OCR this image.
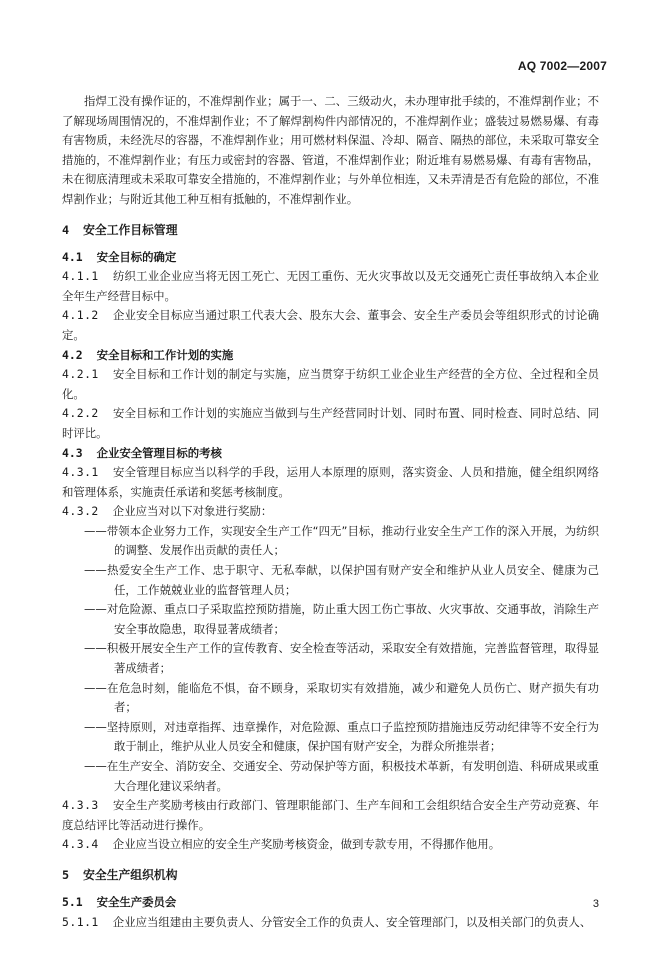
AQ 7002—2007

指焊工没有操作证的，不准焊割作业；属于一、二、三级动火，未办理审批手续的，不准焊割作业；不了解现场周围情况的，不准焊割作业；不了解焊割构件内部情况的，不准焊割作业；盛装过易燃易爆、有毒有害物质，未经洗尽的容器，不准焊割作业；用可燃材料保温、冷却、隔音、隔热的部位，未采取可靠安全措施的，不准焊割作业；有压力或密封的容器、管道，不准焊割作业；附近堆有易燃易爆、有毒有害物品，未在彻底清理或未采取可靠安全措施的，不准焊割作业；与外单位相连，又未弄清是否有危险的部位，不准焊割作业；与附近其他工种互相有抵触的，不准焊割作业。

4 安全工作目标管理
4.1 安全目标的确定

4.1.1 纺织工业企业应当将无因工死亡、无因工重伤、无火灾事故以及无交通死亡责任事故纳入本企业全年生产经营目标中。

4.1.2 企业安全目标应当通过职工代表大会、股东大会、董事会、安全生产委员会等组织形式的讨论确定。

4.2 安全目标和工作计划的实施

4.2.1 安全目标和工作计划的制定与实施，应当贯穿于纺织工业企业生产经营的全方位、全过程和全员化。

4.2.2 安全目标和工作计划的实施应当做到与生产经营同时计划、同时布置、同时检查、同时总结、同时评比。

4.3 企业安全管理目标的考核

4.3.1 安全管理目标应当以科学的手段，运用人本原理的原则，落实资金、人员和措施，健全组织网络和管理体系，实施责任承诺和奖惩考核制度。

4.3.2 企业应当对以下对象进行奖励：

——带领本企业努力工作，实现安全生产工作“四无”目标，推动行业安全生产工作的深入开展，为纺织的调整、发展作出贡献的责任人；

——热爱安全生产工作、忠于职守、无私奉献，以保护国有财产安全和维护从业人员安全、健康为己任，工作兢兢业业的监督管理人员；

——对危险源、重点口子采取监控预防措施，防止重大因工伤亡事故、火灾事故、交通事故，消除生产安全事故隐患，取得显著成绩者；

——积极开展安全生产工作的宣传教育、安全检查等活动，采取安全有效措施，完善监督管理，取得显著成绩者；

——在危急时刻，能临危不惧，奋不顾身，采取切实有效措施，减少和避免人员伤亡、财产损失有功者；

——坚持原则，对违章指挥、违章操作，对危险源、重点口子监控预防措施违反劳动纪律等不安全行为敢于制止，维护从业人员安全和健康，保护国有财产安全，为群众所推崇者；

——在生产安全、消防安全、交通安全、劳动保护等方面，积极技术革新，有发明创造、科研成果或重大合理化建议采纳者。

4.3.3 安全生产奖励考核由行政部门、管理职能部门、生产车间和工会组织结合安全生产劳动竞赛、年度总结评比等活动进行操作。

4.3.4 企业应当设立相应的安全生产奖励考核资金，做到专款专用，不得挪作他用。

5 安全生产组织机构
5.1 安全生产委员会

5.1.1 企业应当组建由主要负责人、分管安全工作的负责人、安全管理部门，以及相关部门的负责人、

3
